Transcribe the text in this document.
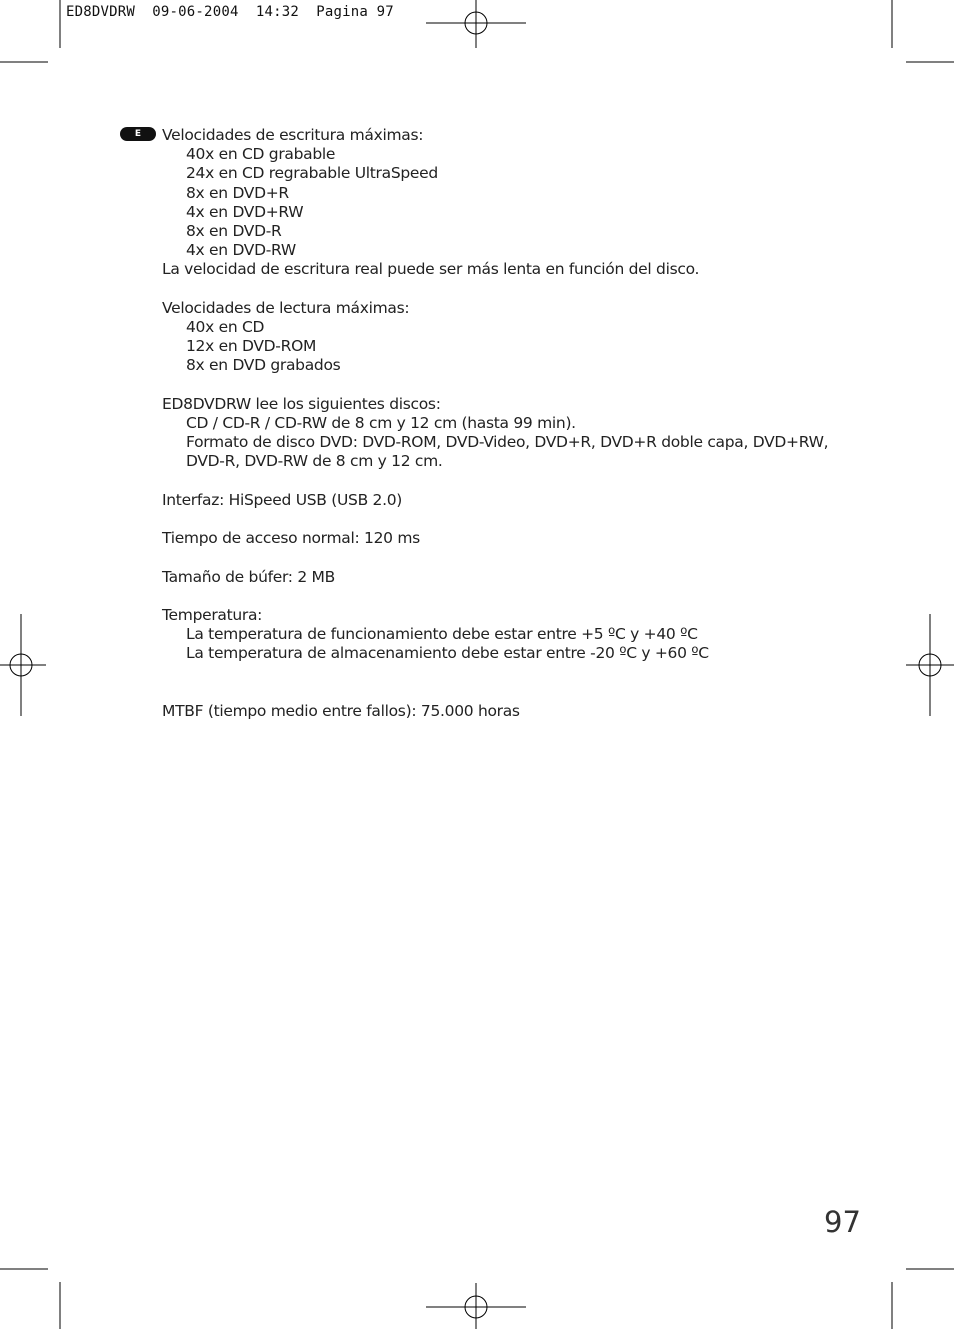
ED8DVDRW  09-06-2004  14:32  Pagina 97
E	Velocidades de escritura máximas:
40x en CD grabable
24x en CD regrabable UltraSpeed
8x en DVD+R
4x en DVD+RW
8x en DVD-R
4x en DVD-RW
La velocidad de escritura real puede ser más lenta en función del disco.
Velocidades de lectura máximas:
40x en CD
12x en DVD-ROM
8x en DVD grabados
ED8DVDRW lee los siguientes discos:
CD / CD-R / CD-RW de 8 cm y 12 cm (hasta 99 min).
Formato de disco DVD: DVD-ROM, DVD-Video, DVD+R, DVD+R doble capa, DVD+RW,
DVD-R, DVD-RW de 8 cm y 12 cm.
Interfaz: HiSpeed USB (USB 2.0)
Tiempo de acceso normal: 120 ms
Tamaño de búfer: 2 MB
Temperatura:
La temperatura de funcionamiento debe estar entre +5 ºC y +40 ºC
La temperatura de almacenamiento debe estar entre -20 ºC y +60 ºC
MTBF (tiempo medio entre fallos): 75.000 horas
97
